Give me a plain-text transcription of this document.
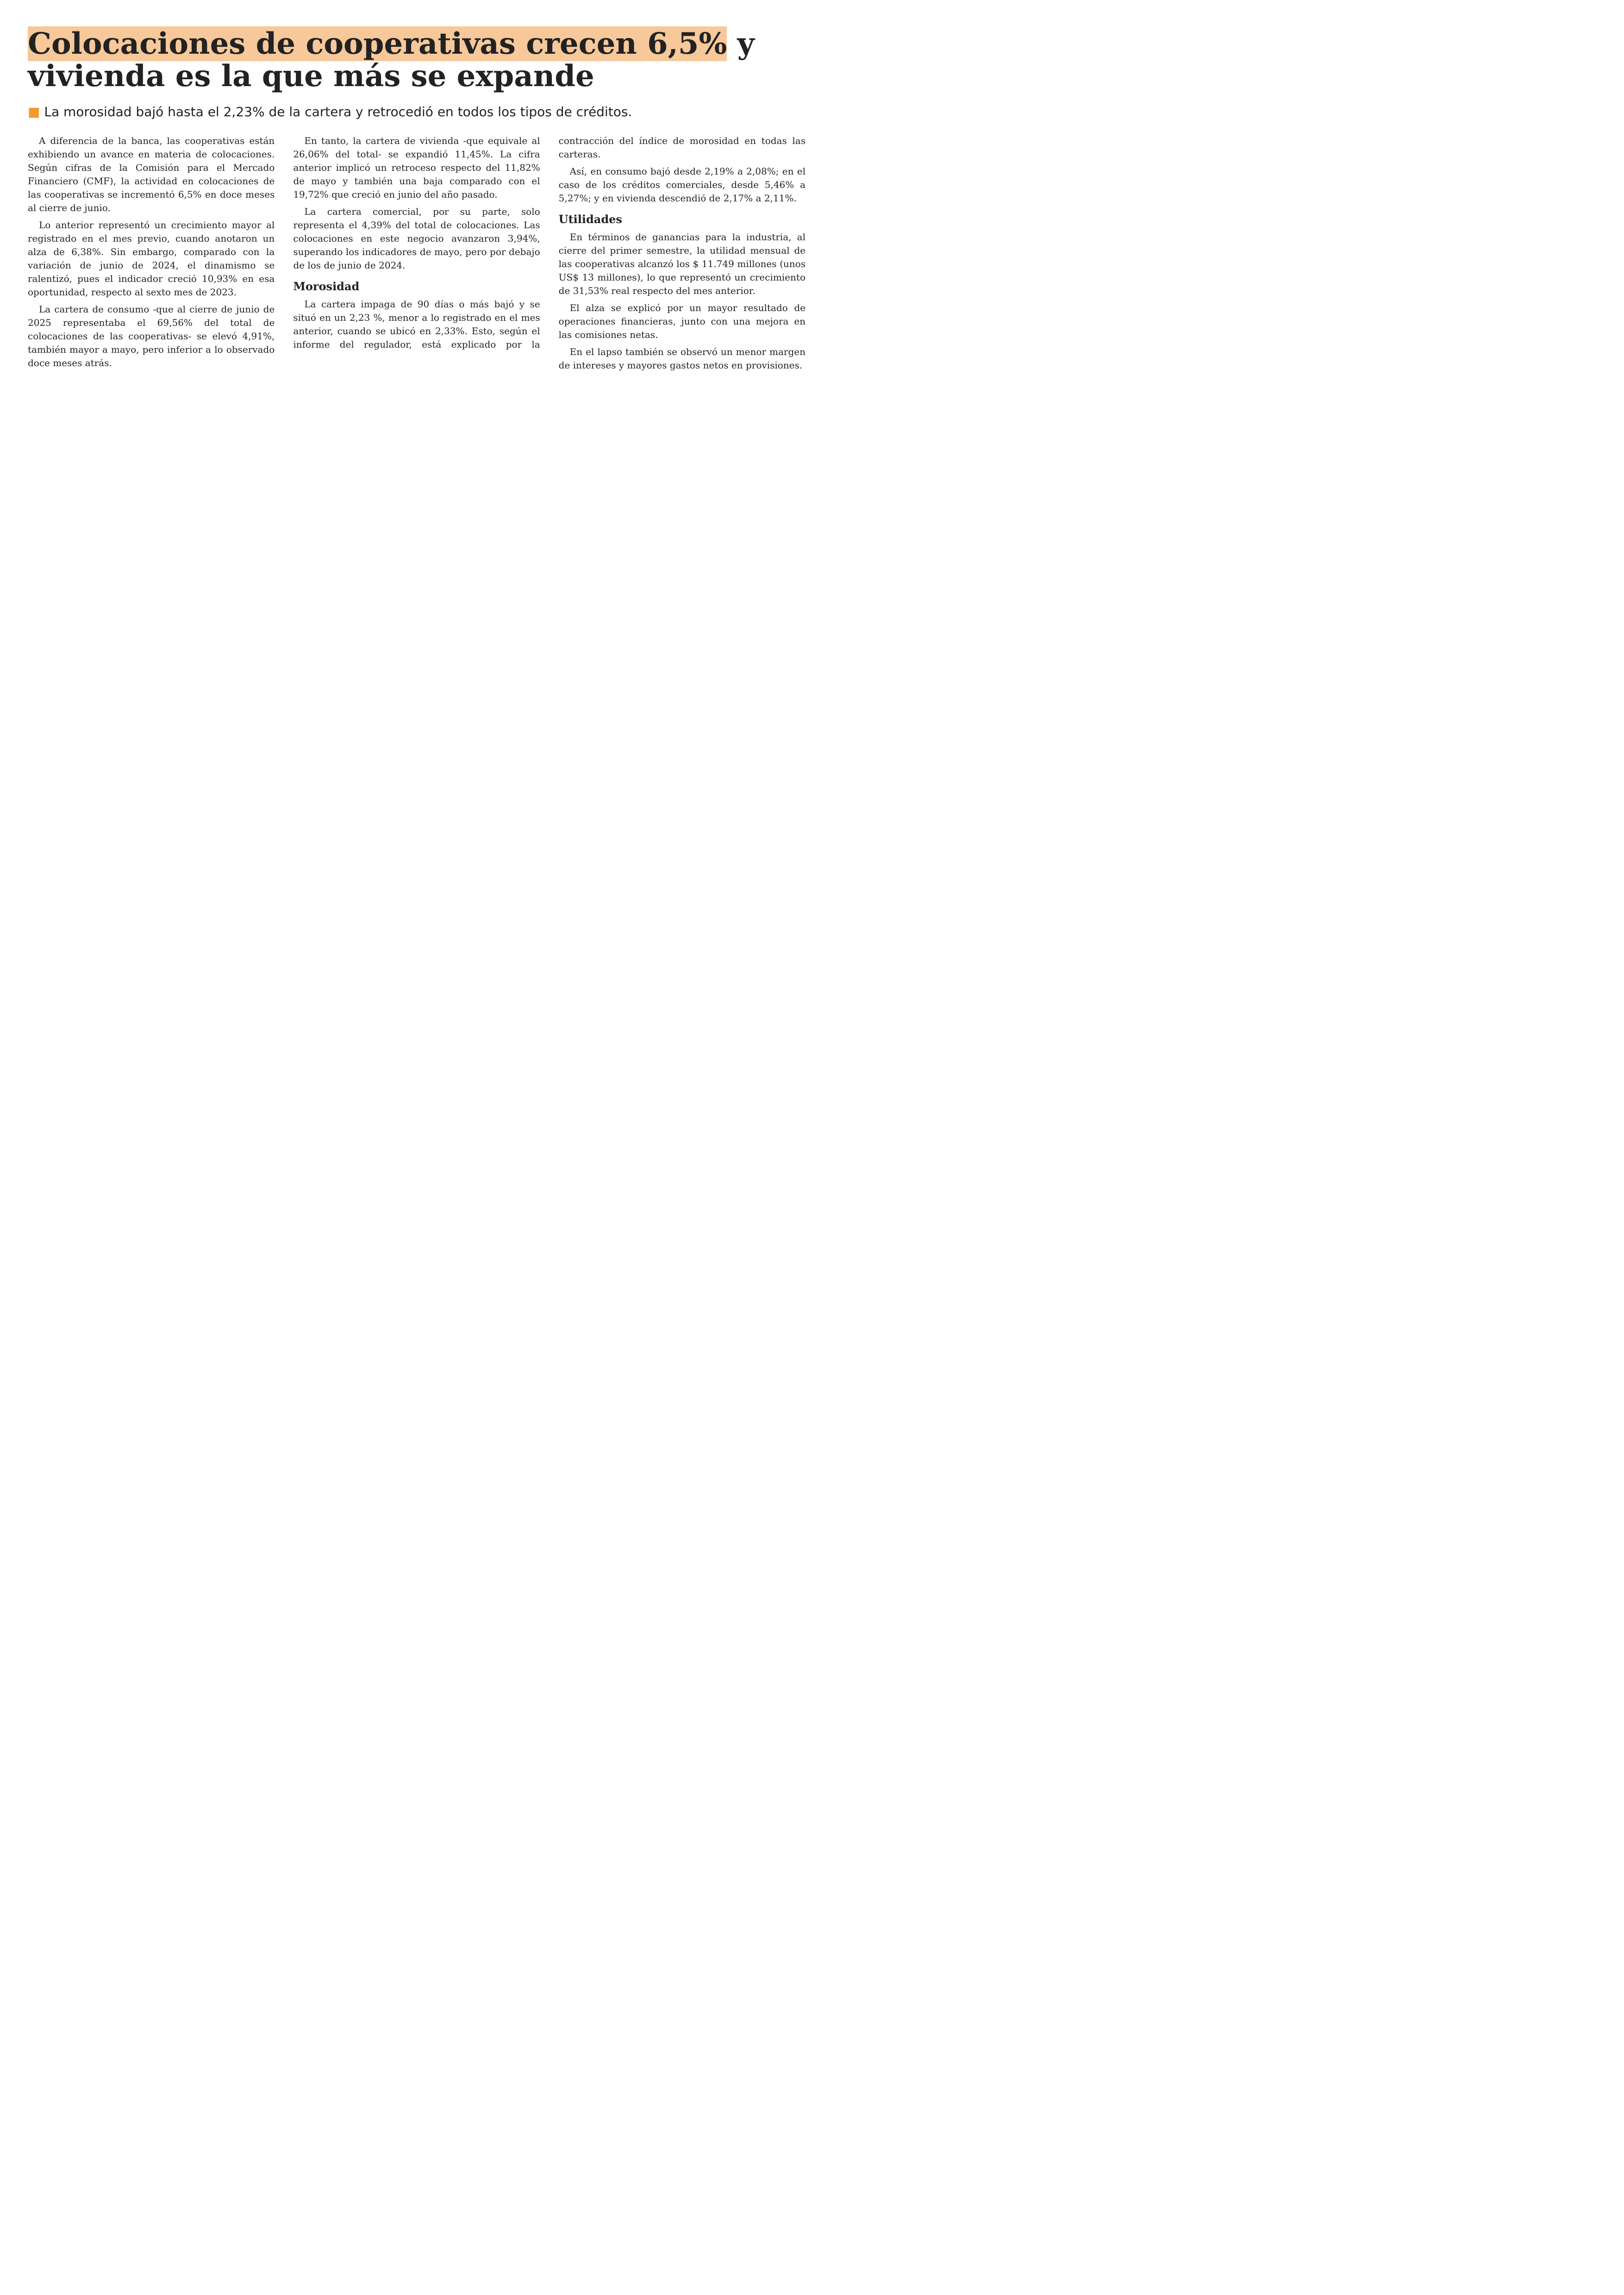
Colocaciones de cooperativas crecen 6,5% y vivienda es la que más se expande
■ La morosidad bajó hasta el 2,23% de la cartera y retrocedió en todos los tipos de créditos.

A diferencia de la banca, las cooperativas están exhibiendo un avance en materia de colocaciones. Según cifras de la Comisión para el Mercado Financiero (CMF), la actividad en colocaciones de las cooperativas se incrementó 6,5% en doce meses al cierre de junio.

Lo anterior representó un crecimiento mayor al registrado en el mes previo, cuando anotaron un alza de 6,38%. Sin embargo, comparado con la variación de junio de 2024, el dinamismo se ralentizó, pues el indicador creció 10,93% en esa oportunidad, respecto al sexto mes de 2023.

La cartera de consumo -que al cierre de junio de 2025 representaba el 69,56% del total de colocaciones de las cooperativas- se elevó 4,91%, también mayor a mayo, pero inferior a lo observado doce meses atrás.

En tanto, la cartera de vivienda -que equivale al 26,06% del total- se expandió 11,45%. La cifra anterior implicó un retroceso respecto del 11,82% de mayo y también una baja comparado con el 19,72% que creció en junio del año pasado.

La cartera comercial, por su parte, solo representa el 4,39% del total de colocaciones. Las colocaciones en este negocio avanzaron 3,94%, superando los indicadores de mayo, pero por debajo de los de junio de 2024.

Morosidad

La cartera impaga de 90 días o más bajó y se situó en un 2,23 %, menor a lo registrado en el mes anterior, cuando se ubicó en 2,33%. Esto, según el informe del regulador, está explicado por la contracción del índice de morosidad en todas las carteras.

Así, en consumo bajó desde 2,19% a 2,08%; en el caso de los créditos comerciales, desde 5,46% a 5,27%; y en vivienda descendió de 2,17% a 2,11%.

Utilidades

En términos de ganancias para la industria, al cierre del primer semestre, la utilidad mensual de las cooperativas alcanzó los $ 11.749 millones (unos US$ 13 millones), lo que representó un crecimiento de 31,53% real respecto del mes anterior.

El alza se explicó por un mayor resultado de operaciones financieras, junto con una mejora en las comisiones netas.

En el lapso también se observó un menor margen de intereses y mayores gastos netos en provisiones.
